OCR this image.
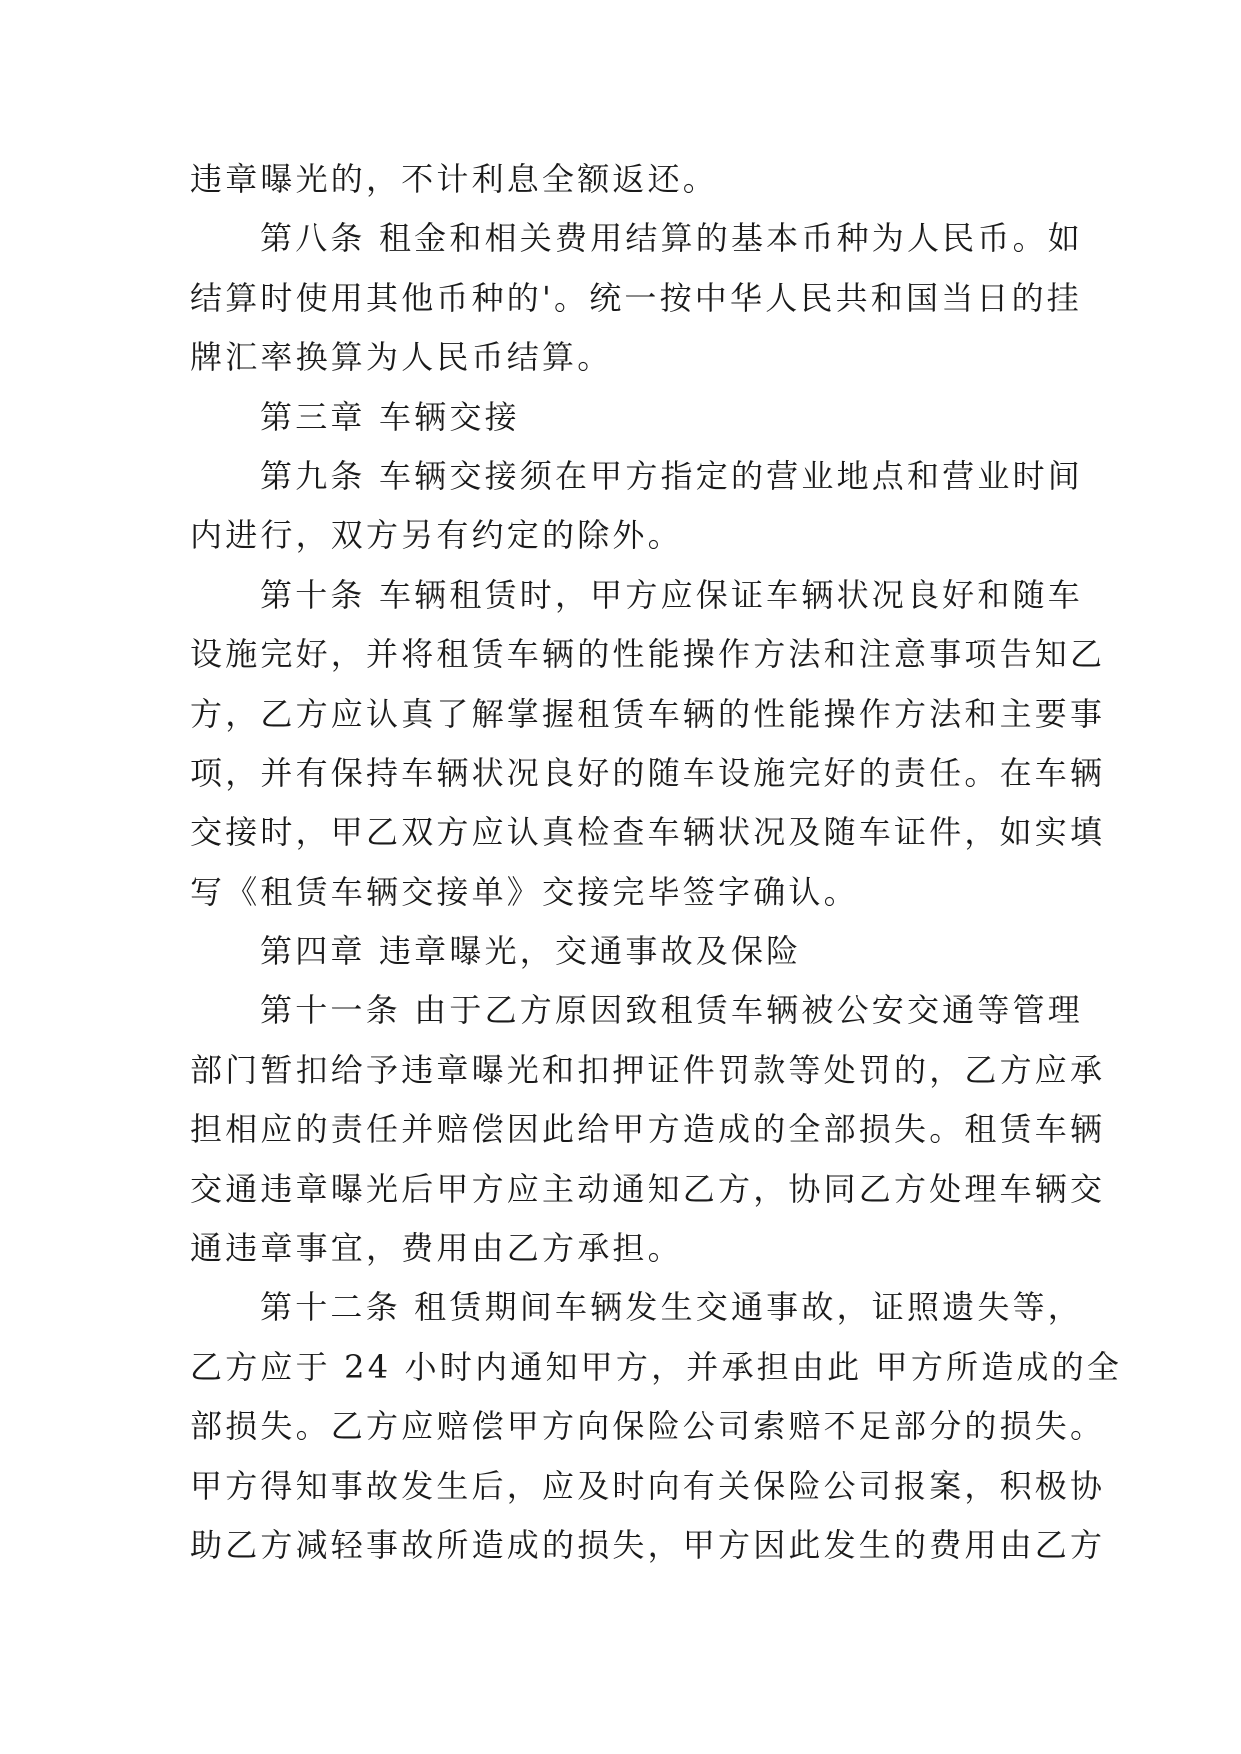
违章曝光的，不计利息全额返还。
第八条 租金和相关费用结算的基本币种为人民币。如
结算时使用其他币种的'。统一按中华人民共和国当日的挂
牌汇率换算为人民币结算。
第三章 车辆交接
第九条 车辆交接须在甲方指定的营业地点和营业时间
内进行，双方另有约定的除外。
第十条 车辆租赁时，甲方应保证车辆状况良好和随车
设施完好，并将租赁车辆的性能操作方法和注意事项告知乙
方，乙方应认真了解掌握租赁车辆的性能操作方法和主要事
项，并有保持车辆状况良好的随车设施完好的责任。在车辆
交接时，甲乙双方应认真检查车辆状况及随车证件，如实填
写《租赁车辆交接单》交接完毕签字确认。
第四章 违章曝光，交通事故及保险
第十一条 由于乙方原因致租赁车辆被公安交通等管理
部门暂扣给予违章曝光和扣押证件罚款等处罚的，乙方应承
担相应的责任并赔偿因此给甲方造成的全部损失。租赁车辆
交通违章曝光后甲方应主动通知乙方，协同乙方处理车辆交
通违章事宜，费用由乙方承担。
第十二条 租赁期间车辆发生交通事故，证照遗失等，
乙方应于 24 小时内通知甲方，并承担由此 甲方所造成的全
部损失。乙方应赔偿甲方向保险公司索赔不足部分的损失。
甲方得知事故发生后，应及时向有关保险公司报案，积极协
助乙方减轻事故所造成的损失，甲方因此发生的费用由乙方
